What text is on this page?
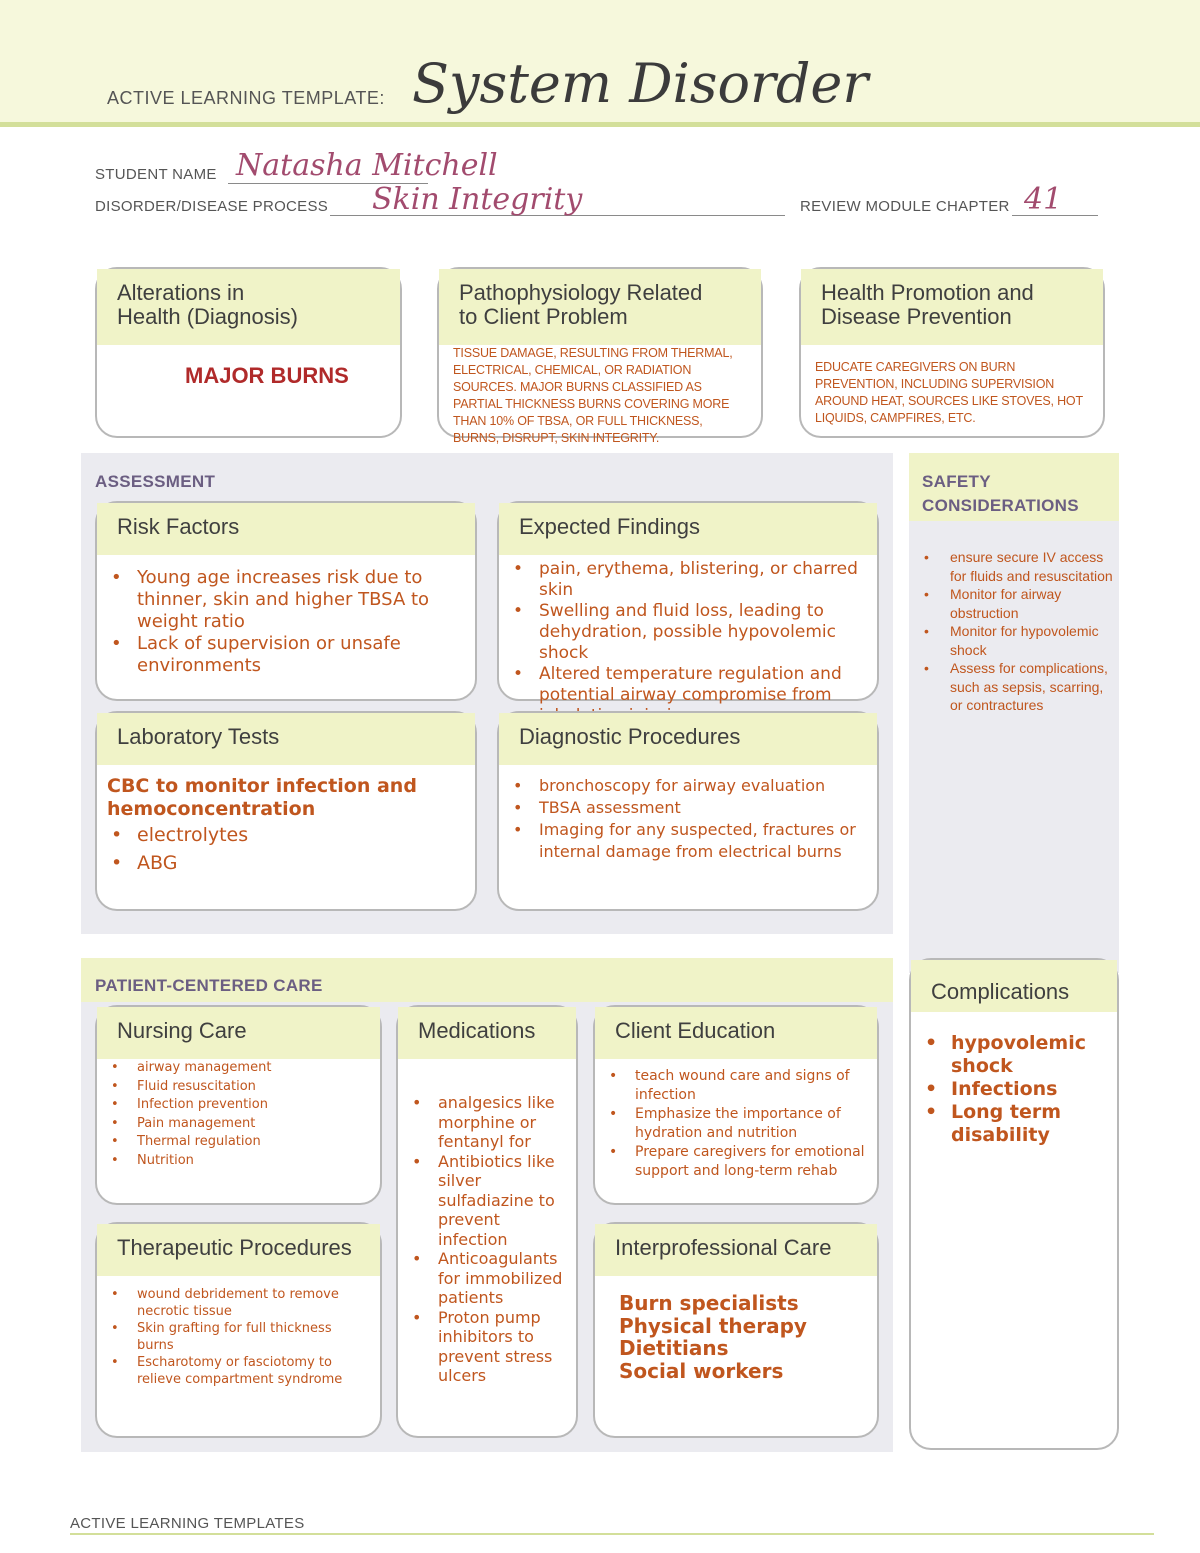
ACTIVE LEARNING TEMPLATE: System Disorder
STUDENT NAME Natasha Mitchell
DISORDER/DISEASE PROCESS Skin Integrity	REVIEW MODULE CHAPTER 41
Alterations in
Health (Diagnosis)
MAJOR BURNS
Pathophysiology Related
to Client Problem
TISSUE DAMAGE, RESULTING FROM THERMAL, ELECTRICAL, CHEMICAL, OR RADIATION SOURCES. MAJOR BURNS CLASSIFIED AS PARTIAL THICKNESS BURNS COVERING MORE THAN 10% OF TBSA, OR FULL THICKNESS, BURNS, DISRUPT, SKIN INTEGRITY.
Health Promotion and
Disease Prevention
EDUCATE CAREGIVERS ON BURN PREVENTION, INCLUDING SUPERVISION AROUND HEAT, SOURCES LIKE STOVES, HOT LIQUIDS, CAMPFIRES, ETC.
ASSESSMENT
Risk Factors
• Young age increases risk due to thinner, skin and higher TBSA to weight ratio
• Lack of supervision or unsafe environments
Expected Findings
• pain, erythema, blistering, or charred skin
• Swelling and fluid loss, leading to dehydration, possible hypovolemic shock
• Altered temperature regulation and potential airway compromise from
Laboratory Tests
CBC to monitor infection and hemoconcentration
• electrolytes
• ABG
Diagnostic Procedures
• bronchoscopy for airway evaluation
• TBSA assessment
• Imaging for any suspected, fractures or internal damage from electrical burns
SAFETY
CONSIDERATIONS
• ensure secure IV access for fluids and resuscitation
• Monitor for airway obstruction
• Monitor for hypovolemic shock
• Assess for complications, such as sepsis, scarring, or contractures
PATIENT-CENTERED CARE
Nursing Care
• airway management
• Fluid resuscitation
• Infection prevention
• Pain management
• Thermal regulation
• Nutrition
Medications
• analgesics like morphine or fentanyl for
• Antibiotics like silver sulfadiazine to prevent infection
• Anticoagulants for immobilized patients
• Proton pump inhibitors to prevent stress ulcers
Client Education
• teach wound care and signs of infection
• Emphasize the importance of hydration and nutrition
• Prepare caregivers for emotional support and long-term rehab
Therapeutic Procedures
• wound debridement to remove necrotic tissue
• Skin grafting for full thickness burns
• Escharotomy or fasciotomy to relieve compartment syndrome
Interprofessional Care
Burn specialists
Physical therapy
Dietitians
Social workers
Complications
• hypovolemic shock
• Infections
• Long term disability
ACTIVE LEARNING TEMPLATES
